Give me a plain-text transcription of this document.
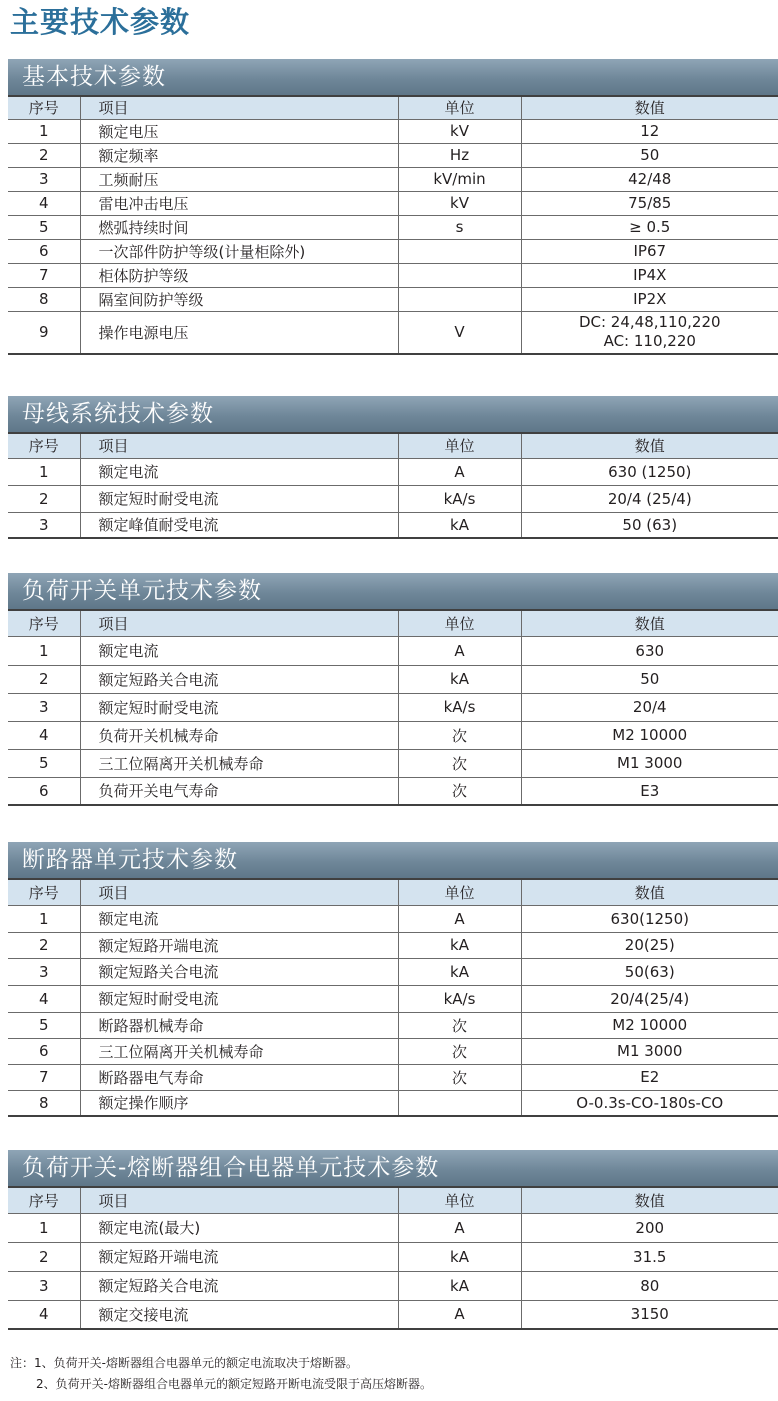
主要技术参数
基本技术参数
序号	项目	单位	数值
1	额定电压	kV	12
2	额定频率	Hz	50
3	工频耐压	kV/min	42/48
4	雷电冲击电压	kV	75/85
5	燃弧持续时间	s	≥ 0.5
6	一次部件防护等级(计量柜除外)		IP67
7	柜体防护等级		IP4X
8	隔室间防护等级		IP2X
9	操作电源电压	V	DC: 24,48,110,220
AC: 110,220
母线系统技术参数
序号	项目	单位	数值
1	额定电流	A	630 (1250)
2	额定短时耐受电流	kA/s	20/4 (25/4)
3	额定峰值耐受电流	kA	50 (63)
负荷开关单元技术参数
序号	项目	单位	数值
1	额定电流	A	630
2	额定短路关合电流	kA	50
3	额定短时耐受电流	kA/s	20/4
4	负荷开关机械寿命	次	M2 10000
5	三工位隔离开关机械寿命	次	M1 3000
6	负荷开关电气寿命	次	E3
断路器单元技术参数
序号	项目	单位	数值
1	额定电流	A	630(1250)
2	额定短路开端电流	kA	20(25)
3	额定短路关合电流	kA	50(63)
4	额定短时耐受电流	kA/s	20/4(25/4)
5	断路器机械寿命	次	M2 10000
6	三工位隔离开关机械寿命	次	M1 3000
7	断路器电气寿命	次	E2
8	额定操作顺序		O-0.3s-CO-180s-CO
负荷开关-熔断器组合电器单元技术参数
序号	项目	单位	数值
1	额定电流(最大)	A	200
2	额定短路开端电流	kA	31.5
3	额定短路关合电流	kA	80
4	额定交接电流	A	3150
注：1、负荷开关-熔断器组合电器单元的额定电流取决于熔断器。
2、负荷开关-熔断器组合电器单元的额定短路开断电流受限于高压熔断器。
